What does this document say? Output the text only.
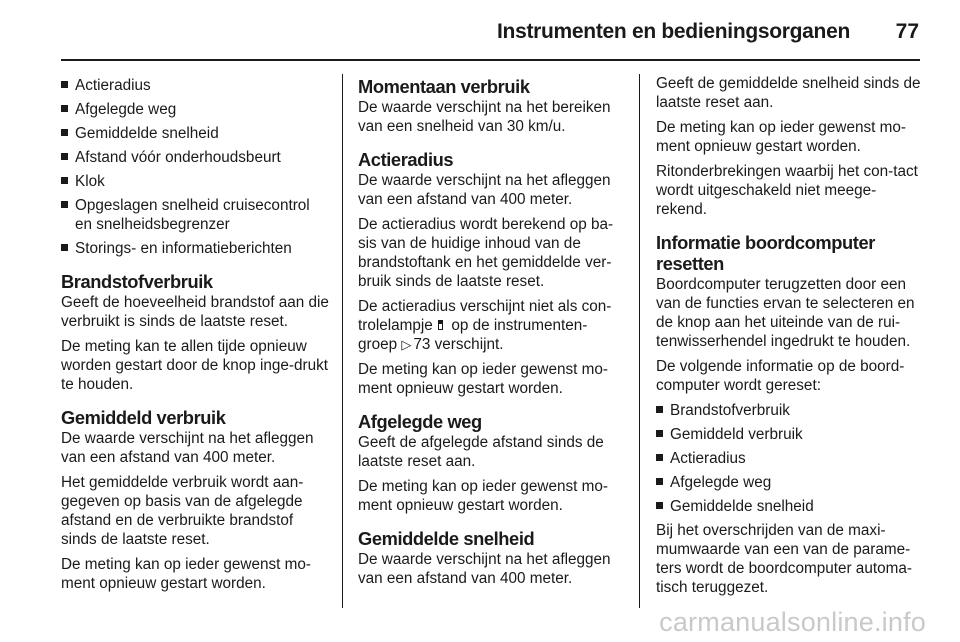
Instrumenten en bedieningsorganen 77
Actieradius
Afgelegde weg
Gemiddelde snelheid
Afstand vóór onderhoudsbeurt
Klok
Opgeslagen snelheid cruisecontrol en snelheidsbegrenzer
Storings- en informatieberichten
Brandstofverbruik

Geeft de hoeveelheid brandstof aan die verbruikt is sinds de laatste reset.

De meting kan te allen tijde opnieuw worden gestart door de knop inge-drukt te houden.

Gemiddeld verbruik

De waarde verschijnt na het afleggen van een afstand van 400 meter.

Het gemiddelde verbruik wordt aan-gegeven op basis van de afgelegde afstand en de verbruikte brandstof sinds de laatste reset.

De meting kan op ieder gewenst mo-ment opnieuw gestart worden.

Momentaan verbruik

De waarde verschijnt na het bereiken van een snelheid van 30 km/u.

Actieradius

De waarde verschijnt na het afleggen van een afstand van 400 meter.

De actieradius wordt berekend op ba-sis van de huidige inhoud van de brandstoftank en het gemiddelde ver-bruik sinds de laatste reset.

De actieradius verschijnt niet als con-trolelampje op de instrumenten-groep ▷ 73 verschijnt.

De meting kan op ieder gewenst mo-ment opnieuw gestart worden.

Afgelegde weg

Geeft de afgelegde afstand sinds de laatste reset aan.

De meting kan op ieder gewenst mo-ment opnieuw gestart worden.

Gemiddelde snelheid

De waarde verschijnt na het afleggen van een afstand van 400 meter.

Geeft de gemiddelde snelheid sinds de laatste reset aan.

De meting kan op ieder gewenst mo-ment opnieuw gestart worden.

Ritonderbrekingen waarbij het con-tact wordt uitgeschakeld niet meege-rekend.

Informatie boordcomputer resetten

Boordcomputer terugzetten door een van de functies ervan te selecteren en de knop aan het uiteinde van de rui-tenwisserhendel ingedrukt te houden.

De volgende informatie op de boord-computer wordt gereset:

Brandstofverbruik
Gemiddeld verbruik
Actieradius
Afgelegde weg
Gemiddelde snelheid

Bij het overschrijden van de maxi-mumwaarde van een van de parame-ters wordt de boordcomputer automa-tisch teruggezet.

carmanualsonline.info
